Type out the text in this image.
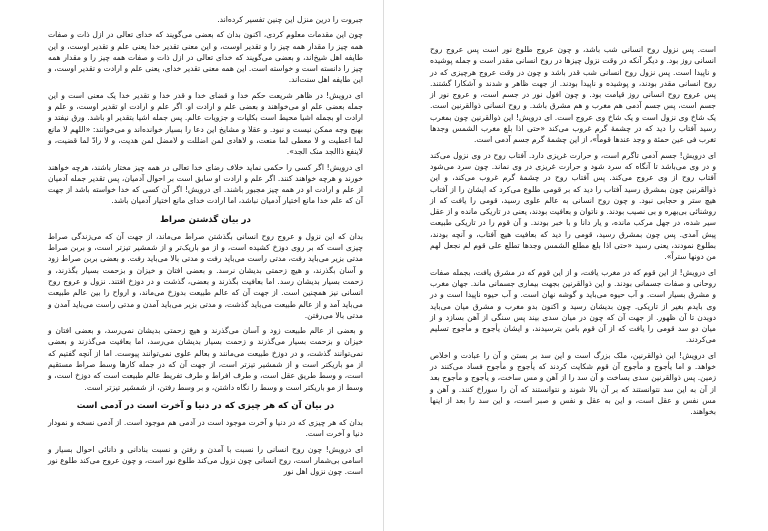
جبروت را درین منزل این چنین تفسیر کرده‌اند.

چون این مقدمات معلوم کردی، اکنون بدان که بعضی می‌گویند که خدای تعالی در ازل ذات و صفات همه چیز را مقدار همه چیز را و تقدیر اوست، و این معنی تقدیر خدا یعنی علم و تقدیر اوست، و این طایفه اهل شیخ‌اند، و بعضی می‌گویند که خدای تعالی در ازل ذات و صفات همه چیز را و مقدار همه چیز را دانسته است و خواسته است. این همه معنی تقدیر خدای، یعنی علم و ارادت و تقدیر اوست، و این طایفه اهل سنت‌اند.

ای درویش! در ظاهر شریعت حکم خدا و قضای خدا و قدر خدا و تقدیر خدا یک معنی است و این جمله بعضی علم او می‌خواهند و بعضی علم و ارادت او. اگر علم و ارادت او تقدیر اوست، و علم و ارادت او بجمله اشیا محیط است بکلیات و جزویات عالم. پس جمله اشیا بتقدیر او باشد. ورق نیفتد و بهیج وجه ممکن نیست و نبود. و عقلا و مشایخ این دعا را بسیار خوانده‌اند و می‌خوانند: «اللهم لا مانع لما اعطیت و لا معطی لما منعت، و لاهادی لمن اضللت و لامضل لمن هدیت، و لا رادّ لما قضیت، و لاینفع ذاالجد منک الجد».

ای درویش! اگر کسی را حکمی نماید خلاف رضای خدا تعالی در همه چیز مختار باشند، هرچه خواهند خورند و هرچه خواهند کنند. اگر علم و ارادت او سابق است بر احوال آدمیان، پس تقدیر جمله آدمیان از علم و ارادت او در همه چیز مجبور باشند. ای درویش! اگر آن کسی که خدا خواسته باشد از جهت آن که علم خدا مانع اختیار آدمیان نباشد، اما ارادت خدای مانع اختیار آدمیان باشد.

در بیان گذشتن صراط

بدان که این نزول و عروج روح انسانی بگذشتن صراط می‌ماند، از جهت آن که می‌زندگی صراط چیزی است که بر روی دوزخ کشیده است، و از مو باریک‌تر و از شمشیر تیزتر است، و بربن صراط مدتی بزیر می‌باید رفت، مدتی راست می‌باید رفت و مدتی بالا می‌باید رفت. و بعضی بربن صراط زود و آسان بگذرند، و هیچ زحمتی بدیشان نرسد. و بعضی افتان و خیزان و بزحمت بسیار بگذرند، و زحمت بسیار بدیشان رسد. اما بعافیت بگذرند و بعضی، گذشت و در دوزخ افتند. نزول و عروج روح انسانی نیز همچنین است. از جهت آن که عالم طبیعت بدوزخ می‌ماند، و ارواح را بین عالم طبیعت می‌باید آمد و از عالم طبیعت می‌باید گذشت، و مدتی بزیر می‌باید آمدن و مدتی راست می‌باید آمدن و مدتی بالا می‌رفتن.

و بعضی از عالم طبیعت زود و آسان می‌گذرند و هیچ زحمتی بدیشان نمی‌رسد، و بعضی افتان و خیزان و بزحمت بسیار می‌گذرند و زحمت بسیار بدیشان می‌رسد، اما بعافیت می‌گذرند و بعضی نمی‌توانند گذشت، و در دوزخ طبیعت می‌مانند و بعالم علوی نمی‌توانند پیوست. اما از آنچه گفتیم که از مو باریکتر است و از شمشیر تیزتر است، از جهت آن که در جمله کارها وسط صراط مستقیم است، و وسط طریق عقل است، و طرف افراط و طرف تفریط عالم طبیعت است که دوزخ است، و وسط از مو باریکتر است و وسط را نگاه داشتن، و بر وسط رفتن، از شمشیر تیزتر است.

در بیان آن که هر چیزی که در دنیا و آخرت است در آدمی است

بدان که هر چیزی که در دنیا و آخرت موجود است در آدمی هم موجود است. از آدمی نسخه و نمودار دنیا و آخرت است.

ای درویش! چون روح انسانی را نسبت با آمدن و رفتن و نسبت بنادانی و دانائی احوال بسیار و اسامی بی‌شمار است، روح انسانی چون نزول می‌کند طلوع نور است، و چون عروج می‌کند طلوع نور است. چون نزول اهل نور

است. پس نزول روح انسانی شب باشد، و چون عروج طلوع نور است پس عروج روح انسانی روز بود. و دیگر آنکه در وقت نزول چیزها در روح انسانی مقدر است و جمله پوشیده و ناپیدا است. پس نزول روح انسانی شب قدر باشد و چون در وقت عروج هرچیزی که در روح انسانی مقدر بودند، و پوشیده و ناپیدا بودند. از جهت ظاهر و شدند و آشکارا گشتند. پس عروج روح انسانی روز قیامت بود. و چون افول نور در جسم است، و عروج نور از جسم است، پس جسم آدمی هم مغرب و هم مشرق باشد. و روح انسانی ذوالقرنین است. یک شاخ وی نزول است و یک شاخ وی عروج است. ای درویش! این ذوالقرنین چون بمغرب رسید آفتاب را دید که در چشمهٔ گرم غروب می‌کند «حتی اذا بلغ مغرب الشمس وجدها تغرب فی عین حمئة و وجد عندها قوماً»، از این چشمهٔ گرم جسم آدمی است.

ای درویش! جسم آدمی تاگرم است، و حرارت غریزی دارد. آفتاب روح در وی نزول می‌کند و در وی می‌باشد تا آنگاه که سرد شود و حرارت غریزی در وی نماند. چون سرد می‌شود آفتاب روح از وی عروج می‌کند. پس آفتاب روح در چشمهٔ گرم غروب می‌کند، و این ذوالقرنین چون بمشرق رسید آفتاب را دید که بر قومی طلوع می‌کرد که ایشان را از آفتاب هیچ ستر و حجابی نبود. و چون روح انسانی به عالم علوی رسید، قومی را یافت که از روشنائی بی‌بهره و بی نصیب بودند. و ناتوان و بعافیت بودند، یعنی در تاریکی مانده و از عقل سیر شده، در جهل مرکب مانده، و یار دانا و با خبر بودند. و آن قوم را در تاریکی طبیعت پیش آمدی. پس چون بمشرق رسید، قومی را دید که بعافیت هیچ آفتاب، و آنچه بودند، بطلوع نمودند، یعنی رسید «حتی اذا بلغ مطلع الشمس وجدها تطلع علی قوم لم نجعل لهم من دونها ستراً».

ای درویش! از این قوم که در مغرب یافت، و از این قوم که در مشرق یافت، بجمله صفات روحانی و صفات جسمانی بودند. و این ذوالقرنین بجهت بیماری جسمانی ماند. جهان مغرب و مشرق بسیار است. و آب حیوه می‌باید و گوشه نهان است. و آب حیوه ناپیدا است و در وی بایدم بغیر از تاریکی. چون بدیشان رسید و اکنون بدو مغرب و مشرق میان می‌باید دویدن تا آن ظهور. از جهت آن که چون در میان سدی بیند پس سنگی از آهن بسازد و از میان دو سد قومی را یافت که از آن قوم بامن بترسیدند، و ایشان یأجوج و مأجوج تسلیم می‌کردند.

ای درویش! این ذوالقرنین، ملک بزرگ است و این سد بر بستن و آن را عبادت و اخلاص خواهد. و اما یأجوج و مأجوج آن قوم شکایت کردند که یأجوج و مأجوج فساد می‌کنند در زمین. پس ذوالقرنین سدی بساخت و آن سد را از آهن و مس ساخت، و یأجوج و مأجوج بعد از آن به این سد نتوانستند که بر آن بالا شوند و نتوانستند که آن را سوراخ کنند. و آهن و مس نفس و عقل است، و این به عقل و نفس و صبر است، و این سد را بعد از اینها بخواهند.
